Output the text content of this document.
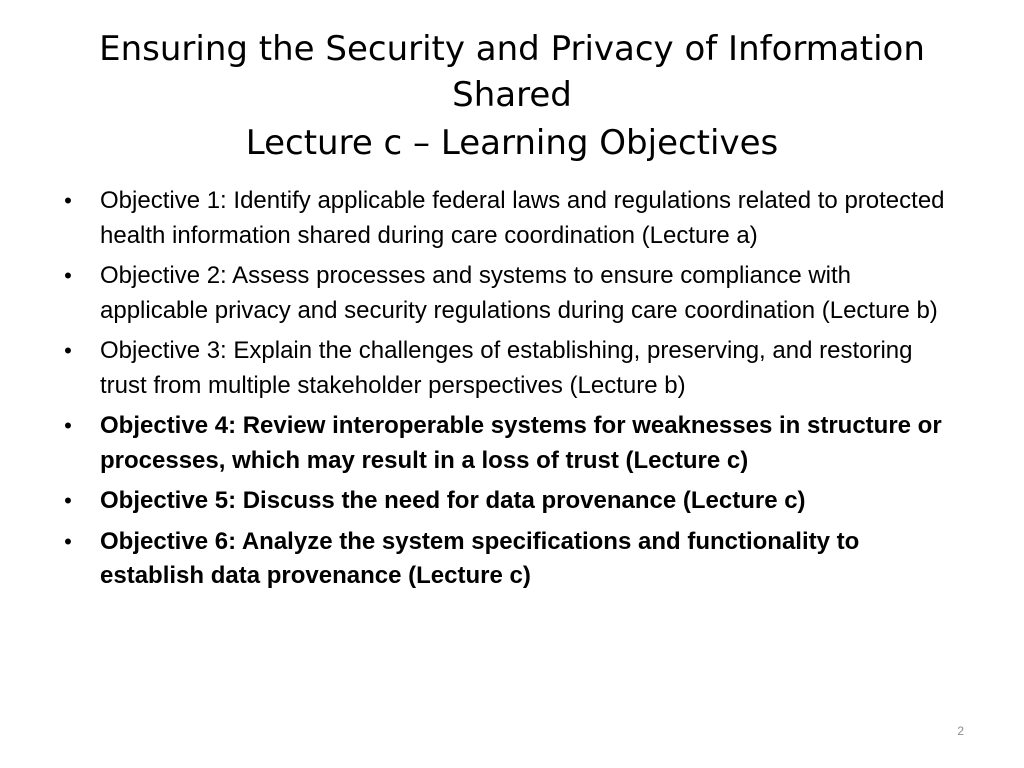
Ensuring the Security and Privacy of Information
Shared
Lecture c – Learning Objectives
• Objective 1: Identify applicable federal laws and regulations related to protected health information shared during care coordination (Lecture a)
• Objective 2: Assess processes and systems to ensure compliance with applicable privacy and security regulations during care coordination (Lecture b)
• Objective 3: Explain the challenges of establishing, preserving, and restoring trust from multiple stakeholder perspectives (Lecture b)
• Objective 4: Review interoperable systems for weaknesses in structure or processes, which may result in a loss of trust (Lecture c)
• Objective 5: Discuss the need for data provenance (Lecture c)
• Objective 6: Analyze the system specifications and functionality to establish data provenance (Lecture c)
2
